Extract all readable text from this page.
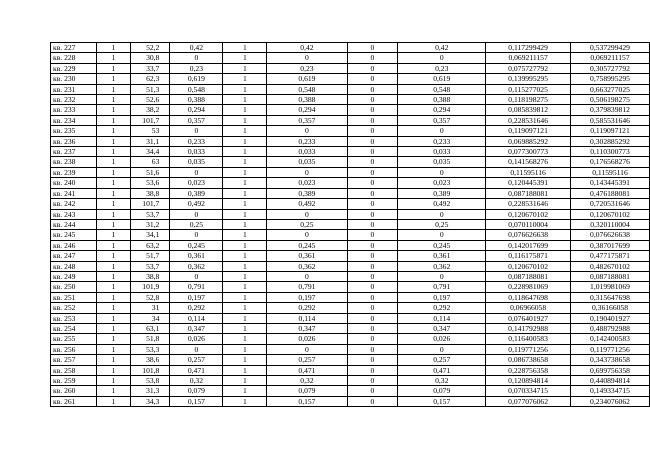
кв. 227	1	52,2	0,42	1	0,42	0	0,42	0,117299429	0,537299429
кв. 228	1	30,8	0	1	0	0	0	0,069211157	0,069211157
кв. 229	1	33,7	0,23	1	0,23	0	0,23	0,075727792	0,305727792
кв. 230	1	62,3	0,619	1	0,619	0	0,619	0,139995295	0,758995295
кв. 231	1	51,3	0,548	1	0,548	0	0,548	0,115277025	0,663277025
кв. 232	1	52,6	0,388	1	0,388	0	0,388	0,118198275	0,506198275
кв. 233	1	38,2	0,294	1	0,294	0	0,294	0,085839812	0,379839812
кв. 234	1	101,7	0,357	1	0,357	0	0,357	0,228531646	0,585531646
кв. 235	1	53	0	1	0	0	0	0,119097121	0,119097121
кв. 236	1	31,1	0,233	1	0,233	0	0,233	0,069885292	0,302885292
кв. 237	1	34,4	0,033	1	0,033	0	0,033	0,077300773	0,110300773
кв. 238	1	63	0,035	1	0,035	0	0,035	0,141568276	0,176568276
кв. 239	1	51,6	0	1	0	0	0	0,11595116	0,11595116
кв. 240	1	53,6	0,023	1	0,023	0	0,023	0,120445391	0,143445391
кв. 241	1	38,8	0,389	1	0,389	0	0,389	0,087188081	0,476188081
кв. 242	1	101,7	0,492	1	0,492	0	0,492	0,228531646	0,720531646
кв. 243	1	53,7	0	1	0	0	0	0,120670102	0,120670102
кв. 244	1	31,2	0,25	1	0,25	0	0,25	0,070110004	0,320110004
кв. 245	1	34,1	0	1	0	0	0	0,076626638	0,076626638
кв. 246	1	63,2	0,245	1	0,245	0	0,245	0,142017699	0,387017699
кв. 247	1	51,7	0,361	1	0,361	0	0,361	0,116175871	0,477175871
кв. 248	1	53,7	0,362	1	0,362	0	0,362	0,120670102	0,482670102
кв. 249	1	38,8	0	1	0	0	0	0,087188081	0,087188081
кв. 250	1	101,9	0,791	1	0,791	0	0,791	0,228981069	1,019981069
кв. 251	1	52,8	0,197	1	0,197	0	0,197	0,118647698	0,315647698
кв. 252	1	31	0,292	1	0,292	0	0,292	0,06966058	0,36166058
кв. 253	1	34	0,114	1	0,114	0	0,114	0,076401927	0,190401927
кв. 254	1	63,1	0,347	1	0,347	0	0,347	0,141792988	0,488792988
кв. 255	1	51,8	0,026	1	0,026	0	0,026	0,116400583	0,142400583
кв. 256	1	53,3	0	1	0	0	0	0,119771256	0,119771256
кв. 257	1	38,6	0,257	1	0,257	0	0,257	0,086738658	0,343738658
кв. 258	1	101,8	0,471	1	0,471	0	0,471	0,228756358	0,699756358
кв. 259	1	53,8	0,32	1	0,32	0	0,32	0,120894814	0,440894814
кв. 260	1	31,3	0,079	1	0,079	0	0,079	0,070334715	0,149334715
кв. 261	1	34,3	0,157	1	0,157	0	0,157	0,077076062	0,234076062
